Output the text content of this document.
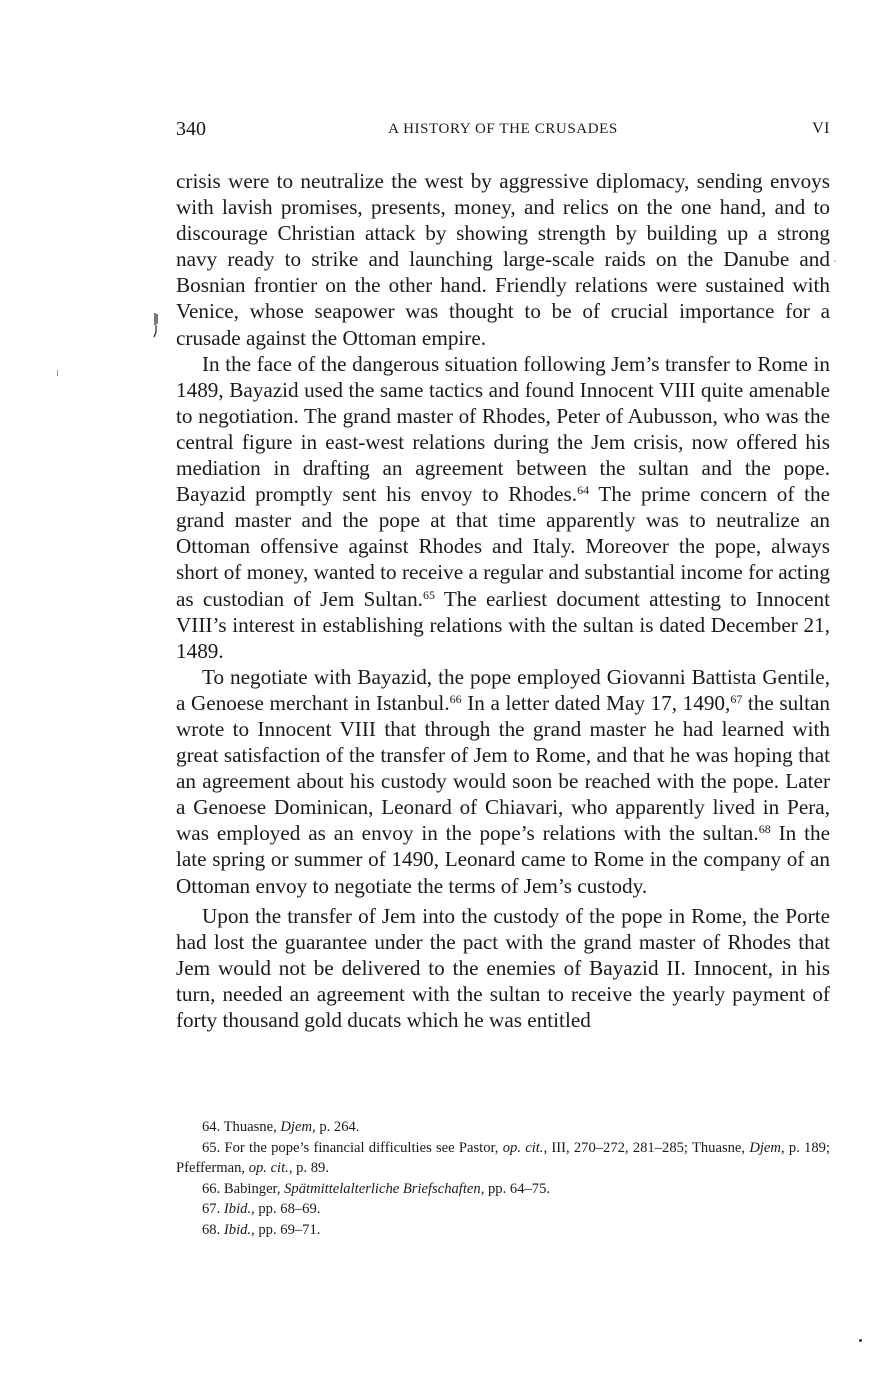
340	A HISTORY OF THE CRUSADES	VI

crisis were to neutralize the west by aggressive diplomacy, sending envoys with lavish promises, presents, money, and relics on the one hand, and to discourage Christian attack by showing strength by building up a strong navy ready to strike and launching large-scale raids on the Danube and Bosnian frontier on the other hand. Friendly relations were sustained with Venice, whose seapower was thought to be of crucial importance for a crusade against the Ottoman empire.

In the face of the dangerous situation following Jem’s transfer to Rome in 1489, Bayazid used the same tactics and found Innocent VIII quite amenable to negotiation. The grand master of Rhodes, Peter of Aubusson, who was the central figure in east-west relations during the Jem crisis, now offered his mediation in drafting an agreement between the sultan and the pope. Bayazid promptly sent his envoy to Rhodes.$^{64}$ The prime concern of the grand master and the pope at that time apparently was to neutralize an Ottoman offensive against Rhodes and Italy. Moreover the pope, always short of money, wanted to receive a regular and substantial income for acting as custodian of Jem Sultan.$^{65}$ The earliest document attesting to Innocent VIII’s interest in establishing relations with the sultan is dated December 21, 1489.

To negotiate with Bayazid, the pope employed Giovanni Battista Gentile, a Genoese merchant in Istanbul.$^{66}$ In a letter dated May 17, 1490,67 the sultan wrote to Innocent VIII that through the grand master he had learned with great satisfaction of the transfer of Jem to Rome, and that he was hoping that an agreement about his custody would soon be reached with the pope. Later a Genoese Dominican, Leonard of Chiavari, who apparently lived in Pera, was employed as an envoy in the pope’s relations with the sultan.$^{68}$ In the late spring or summer of 1490, Leonard came to Rome in the company of an Ottoman envoy to negotiate the terms of Jem’s custody.

Upon the transfer of Jem into the custody of the pope in Rome, the Porte had lost the guarantee under the pact with the grand master of Rhodes that Jem would not be delivered to the enemies of Bayazid II. Innocent, in his turn, needed an agreement with the sultan to receive the yearly payment of forty thousand gold ducats which he was entitled

64. Thuasne, Djem, p. 264.

65. For the pope’s financial difficulties see Pastor, op. cit., III, 270–272, 281–285; Thuasne, Djem, p. 189; Pfefferman, op. cit., p. 89.

66. Babinger, Spätmittelalterliche Briefschaften, pp. 64–75.

67. Ibid., pp. 68–69.

68. Ibid., pp. 69–71.
